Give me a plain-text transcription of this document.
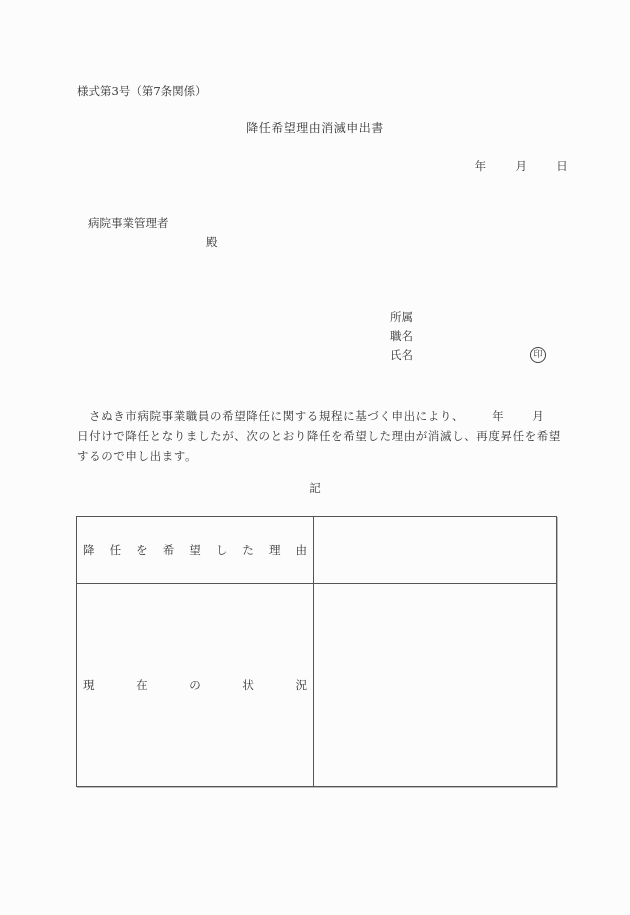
様式第3号（第7条関係）
降任希望理由消滅申出書
年	月	日
病院事業管理者
殿
所属
職名
氏名	印
さぬき市病院事業職員の希望降任に関する規程に基づく申出により、 年 月
日付けで降任となりましたが、次のとおり降任を希望した理由が消滅し、再度昇任を希望
するので申し出ます。
記
降 任 を 希 望 し た 理 由

現 在 の 状 況	
